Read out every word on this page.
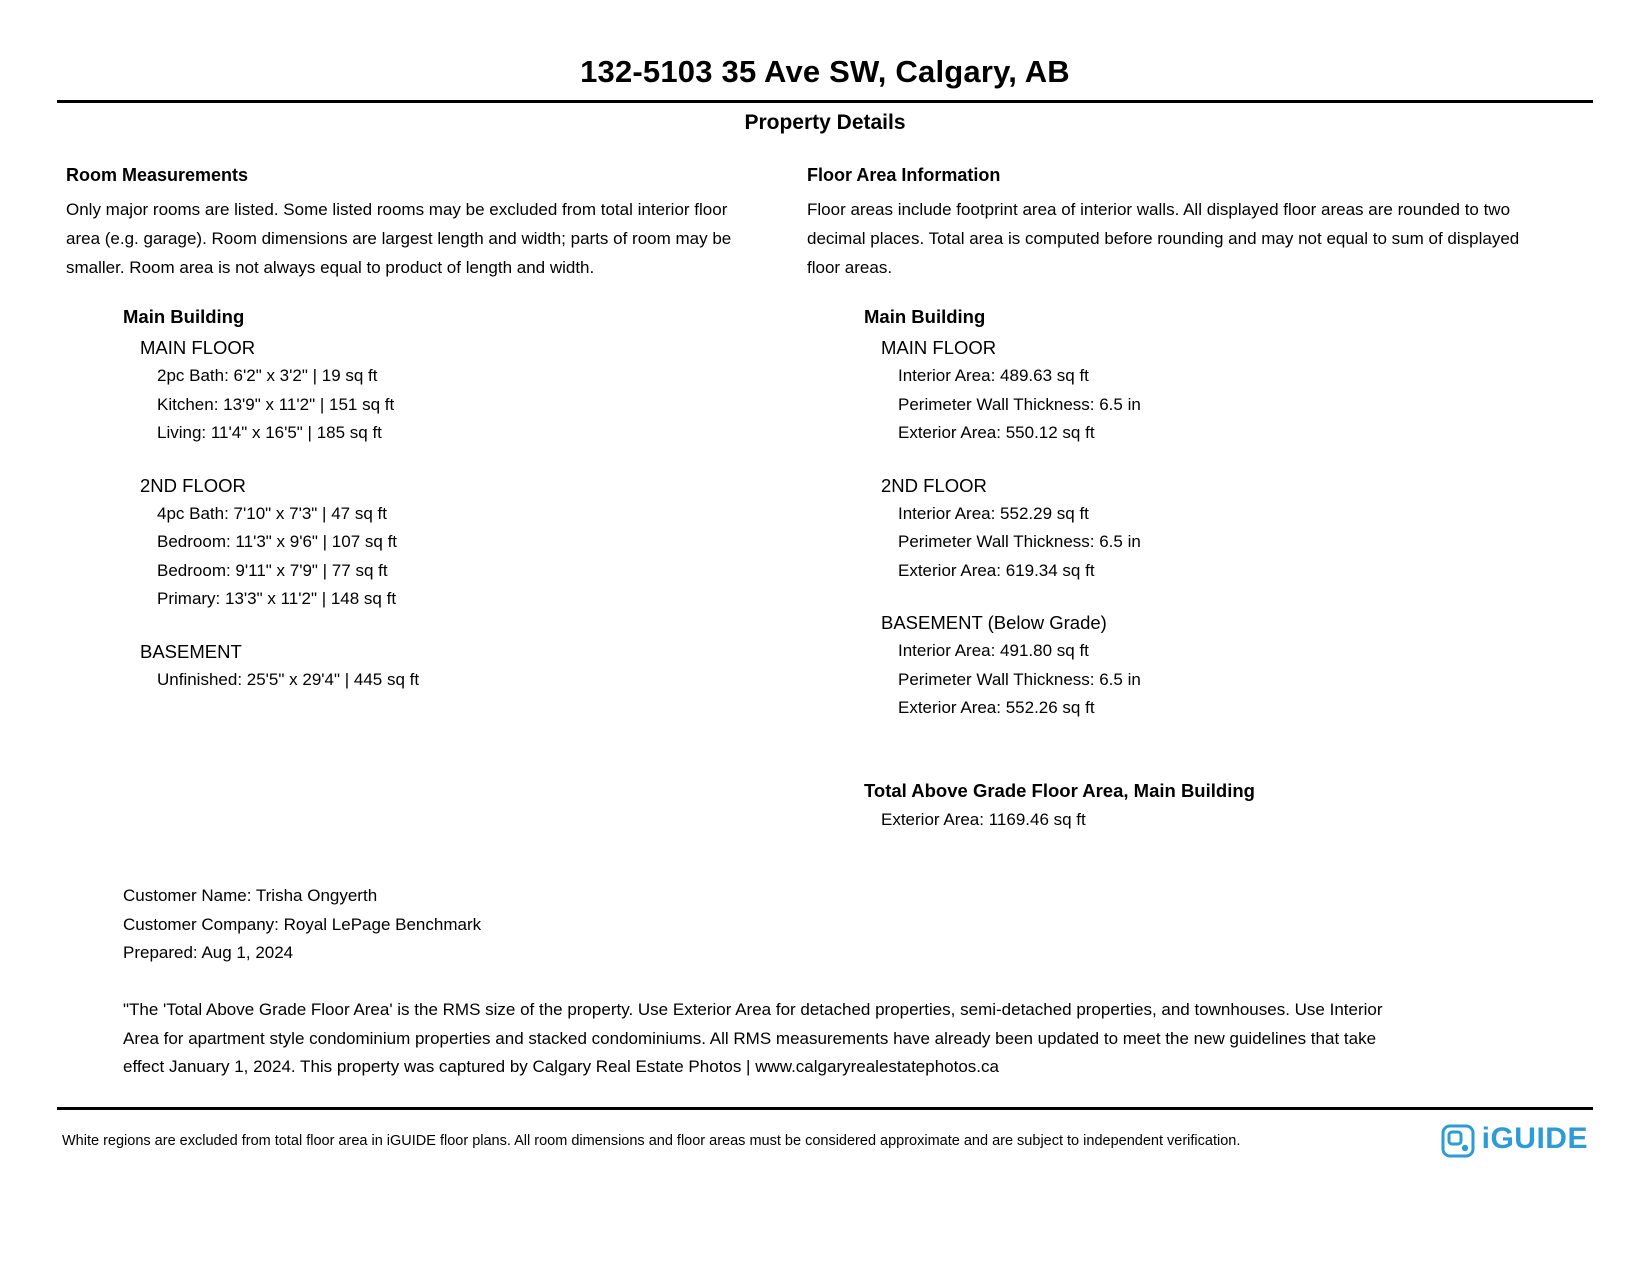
132-5103 35 Ave SW, Calgary, AB
Property Details
Room Measurements
Only major rooms are listed. Some listed rooms may be excluded from total interior floor area (e.g. garage). Room dimensions are largest length and width; parts of room may be smaller. Room area is not always equal to product of length and width.
Main Building
MAIN FLOOR
2pc Bath: 6'2" x 3'2" | 19 sq ft
Kitchen: 13'9" x 11'2" | 151 sq ft
Living: 11'4" x 16'5" | 185 sq ft
2ND FLOOR
4pc Bath: 7'10" x 7'3" | 47 sq ft
Bedroom: 11'3" x 9'6" | 107 sq ft
Bedroom: 9'11" x 7'9" | 77 sq ft
Primary: 13'3" x 11'2" | 148 sq ft
BASEMENT
Unfinished: 25'5" x 29'4" | 445 sq ft
Floor Area Information
Floor areas include footprint area of interior walls. All displayed floor areas are rounded to two decimal places. Total area is computed before rounding and may not equal to sum of displayed floor areas.
Main Building
MAIN FLOOR
Interior Area: 489.63 sq ft
Perimeter Wall Thickness: 6.5 in
Exterior Area: 550.12 sq ft
2ND FLOOR
Interior Area: 552.29 sq ft
Perimeter Wall Thickness: 6.5 in
Exterior Area: 619.34 sq ft
BASEMENT (Below Grade)
Interior Area: 491.80 sq ft
Perimeter Wall Thickness: 6.5 in
Exterior Area: 552.26 sq ft
Total Above Grade Floor Area, Main Building
Exterior Area: 1169.46 sq ft
Customer Name: Trisha Ongyerth
Customer Company: Royal LePage Benchmark
Prepared: Aug 1, 2024
"The 'Total Above Grade Floor Area' is the RMS size of the property. Use Exterior Area for detached properties, semi-detached properties, and townhouses. Use Interior Area for apartment style condominium properties and stacked condominiums. All RMS measurements have already been updated to meet the new guidelines that take effect January 1, 2024. This property was captured by Calgary Real Estate Photos | www.calgaryrealestatephotos.ca
White regions are excluded from total floor area in iGUIDE floor plans. All room dimensions and floor areas must be considered approximate and are subject to independent verification.	iGUIDE
